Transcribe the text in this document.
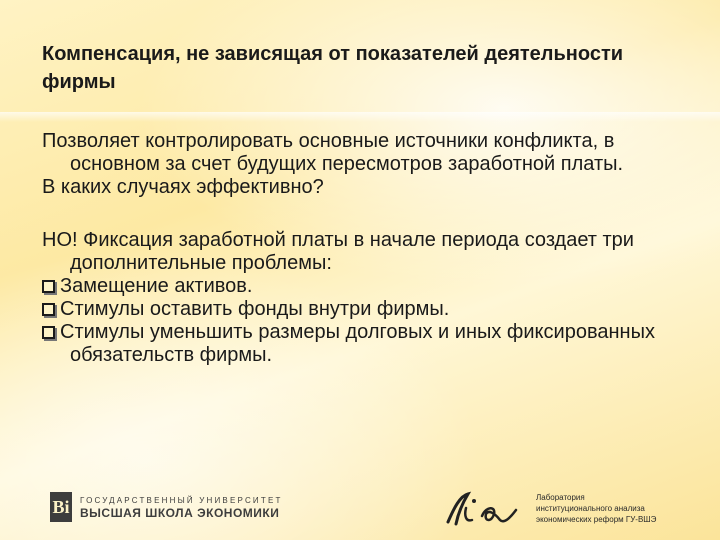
Компенсация, не зависящая от показателей деятельности фирмы

Позволяет контролировать основные источники конфликта, в основном за счет будущих пересмотров заработной платы.

В каких случаях эффективно?

НО! Фиксация заработной платы в начале периода создает три дополнительные проблемы:

Замещение активов.

Стимулы оставить фонды внутри фирмы.

Стимулы уменьшить размеры долговых и иных фиксированных обязательств фирмы.

Ві	ГОСУДАРСТВЕННЫЙ УНИВЕРСИТЕТ
ВЫСШАЯ ШКОЛА ЭКОНОМИКИ
Лаборатория
институционального анализа
экономических реформ ГУ-ВШЭ
